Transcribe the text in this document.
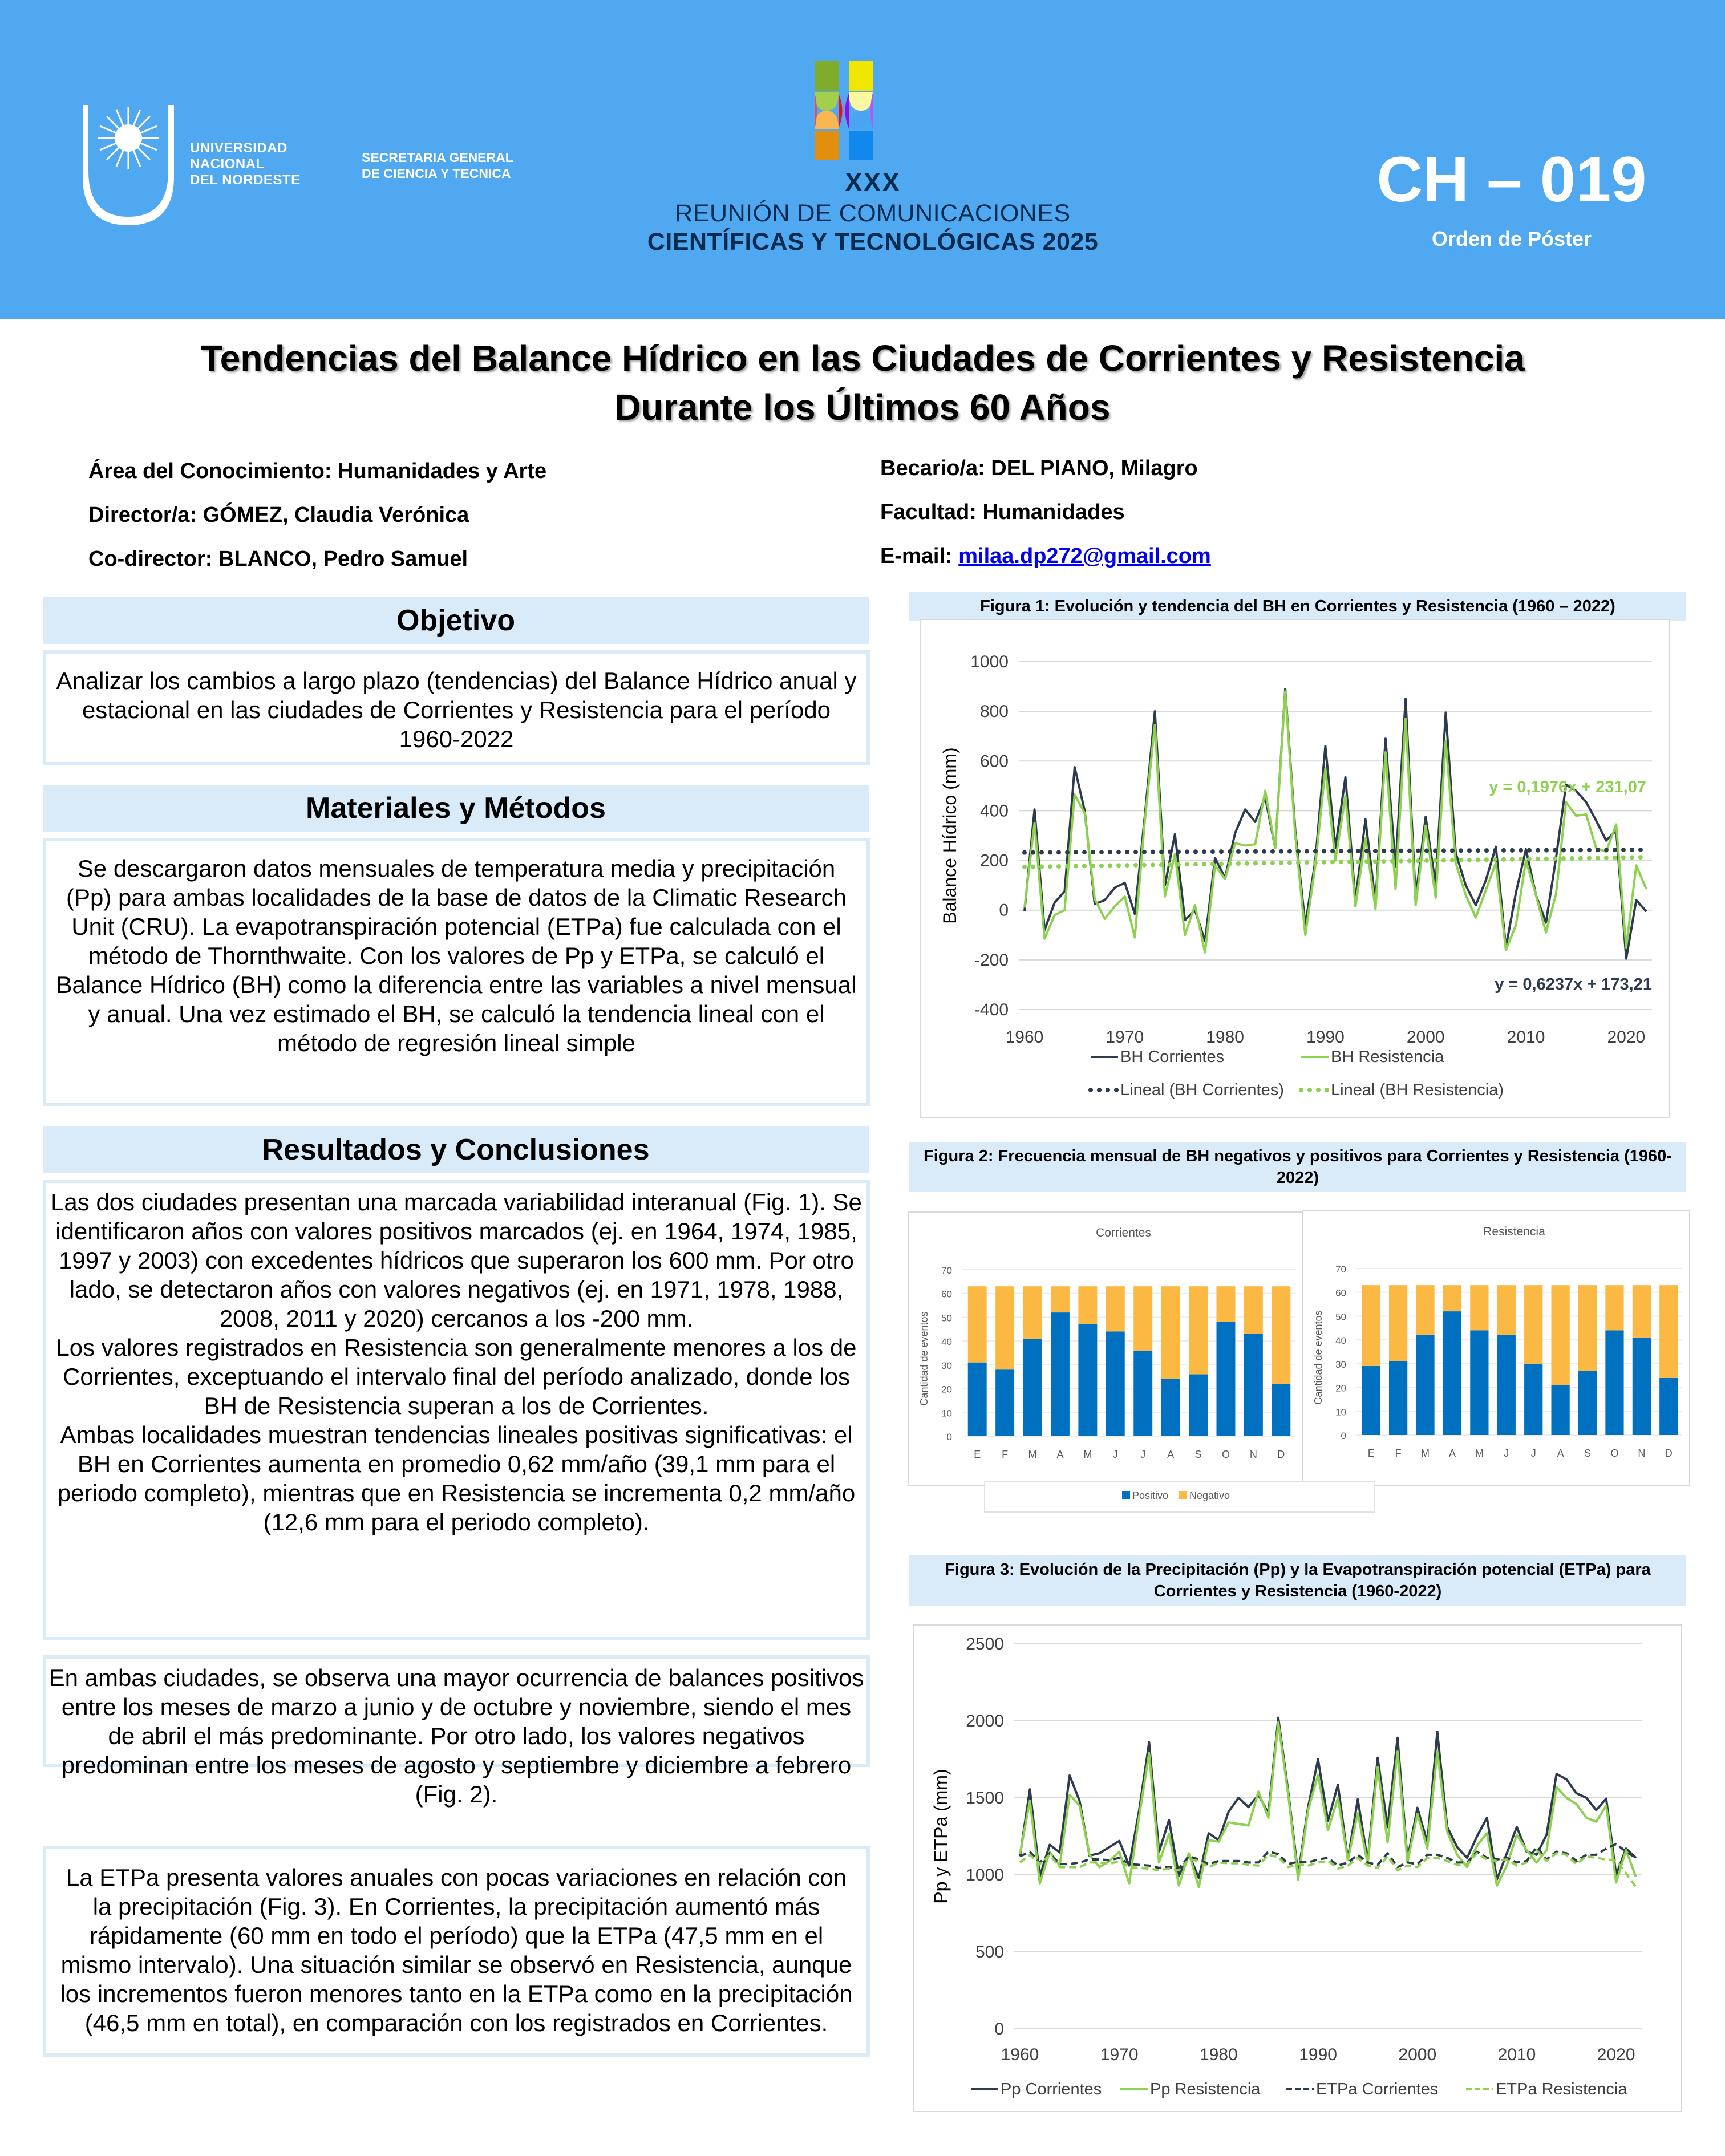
UNIVERSIDAD
NACIONAL
DEL NORDESTE
SECRETARIA GENERAL
DE CIENCIA Y TECNICA	XXX
REUNIÓN DE COMUNICACIONES
CIENTÍFICAS Y TECNOLÓGICAS 2025
CH – 019
Orden de Póster
Tendencias del Balance Hídrico en las Ciudades de Corrientes y Resistencia
Durante los Últimos 60 Años
Área del Conocimiento: Humanidades y Arte
Director/a: GÓMEZ, Claudia Verónica
Co-director: BLANCO, Pedro Samuel
Becario/a: DEL PIANO, Milagro
Facultad: Humanidades
E-mail: milaa.dp272@gmail.com
Objetivo
Analizar los cambios a largo plazo (tendencias) del Balance Hídrico anual y estacional en las ciudades de Corrientes y Resistencia para el período 1960-2022
Materiales y Métodos
Se descargaron datos mensuales de temperatura media y precipitación (Pp) para ambas localidades de la base de datos de la Climatic Research Unit (CRU). La evapotranspiración potencial (ETPa) fue calculada con el método de Thornthwaite. Con los valores de Pp y ETPa, se calculó el Balance Hídrico (BH) como la diferencia entre las variables a nivel mensual y anual. Una vez estimado el BH, se calculó la tendencia lineal con el método de regresión lineal simple
Resultados y Conclusiones
Las dos ciudades presentan una marcada variabilidad interanual (Fig. 1). Se identificaron años con valores positivos marcados (ej. en 1964, 1974, 1985, 1997 y 2003) con excedentes hídricos que superaron los 600 mm. Por otro lado, se detectaron años con valores negativos (ej. en 1971, 1978, 1988, 2008, 2011 y 2020) cercanos a los -200 mm.
Los valores registrados en Resistencia son generalmente menores a los de Corrientes, exceptuando el intervalo final del período analizado, donde los BH de Resistencia superan a los de Corrientes.
Ambas localidades muestran tendencias lineales positivas significativas: el BH en Corrientes aumenta en promedio 0,62 mm/año (39,1 mm para el periodo completo), mientras que en Resistencia se incrementa 0,2 mm/año (12,6 mm para el periodo completo).
En ambas ciudades, se observa una mayor ocurrencia de balances positivos entre los meses de marzo a junio y de octubre y noviembre, siendo el mes de abril el más predominante. Por otro lado, los valores negativos predominan entre los meses de agosto y septiembre y diciembre a febrero (Fig. 2).
La ETPa presenta valores anuales con pocas variaciones en relación con la precipitación (Fig. 3). En Corrientes, la precipitación aumentó más rápidamente (60 mm en todo el período) que la ETPa (47,5 mm en el mismo intervalo). Una situación similar se observó en Resistencia, aunque los incrementos fueron menores tanto en la ETPa como en la precipitación (46,5 mm en total), en comparación con los registrados en Corrientes.
Figura 1: Evolución y tendencia del BH en Corrientes y Resistencia (1960 – 2022)
-400
-200
0
200
400
600
800
1000
1960	1970	1980	1990	2000	2010	2020
Balance Hídrico (mm)	y = 0,1976x + 231,07
y = 0,6237x + 173,21
BH Corrientes	BH Resistencia
Lineal (BH Corrientes)	Lineal (BH Resistencia)
Figura 2: Frecuencia mensual de BH negativos y positivos para Corrientes y Resistencia (1960-2022)
Corrientes
0
10
20
30
40
50
60
70
Cantidad de eventos
E F M A M J J A S O N D
Resistencia
0
10
20
30
40
50
60
70
Cantidad de eventos
E F M A M J J A S O N D
Positivo Negativo
Figura 3: Evolución de la Precipitación (Pp) y la Evapotranspiración potencial (ETPa) para Corrientes y Resistencia (1960-2022)
0
500
1000
1500
2000
2500
1960	1970	1980	1990	2000	2010	2020
Pp y ETPa (mm)
Pp Corrientes	Pp Resistencia	ETPa Corrientes	ETPa Resistencia
